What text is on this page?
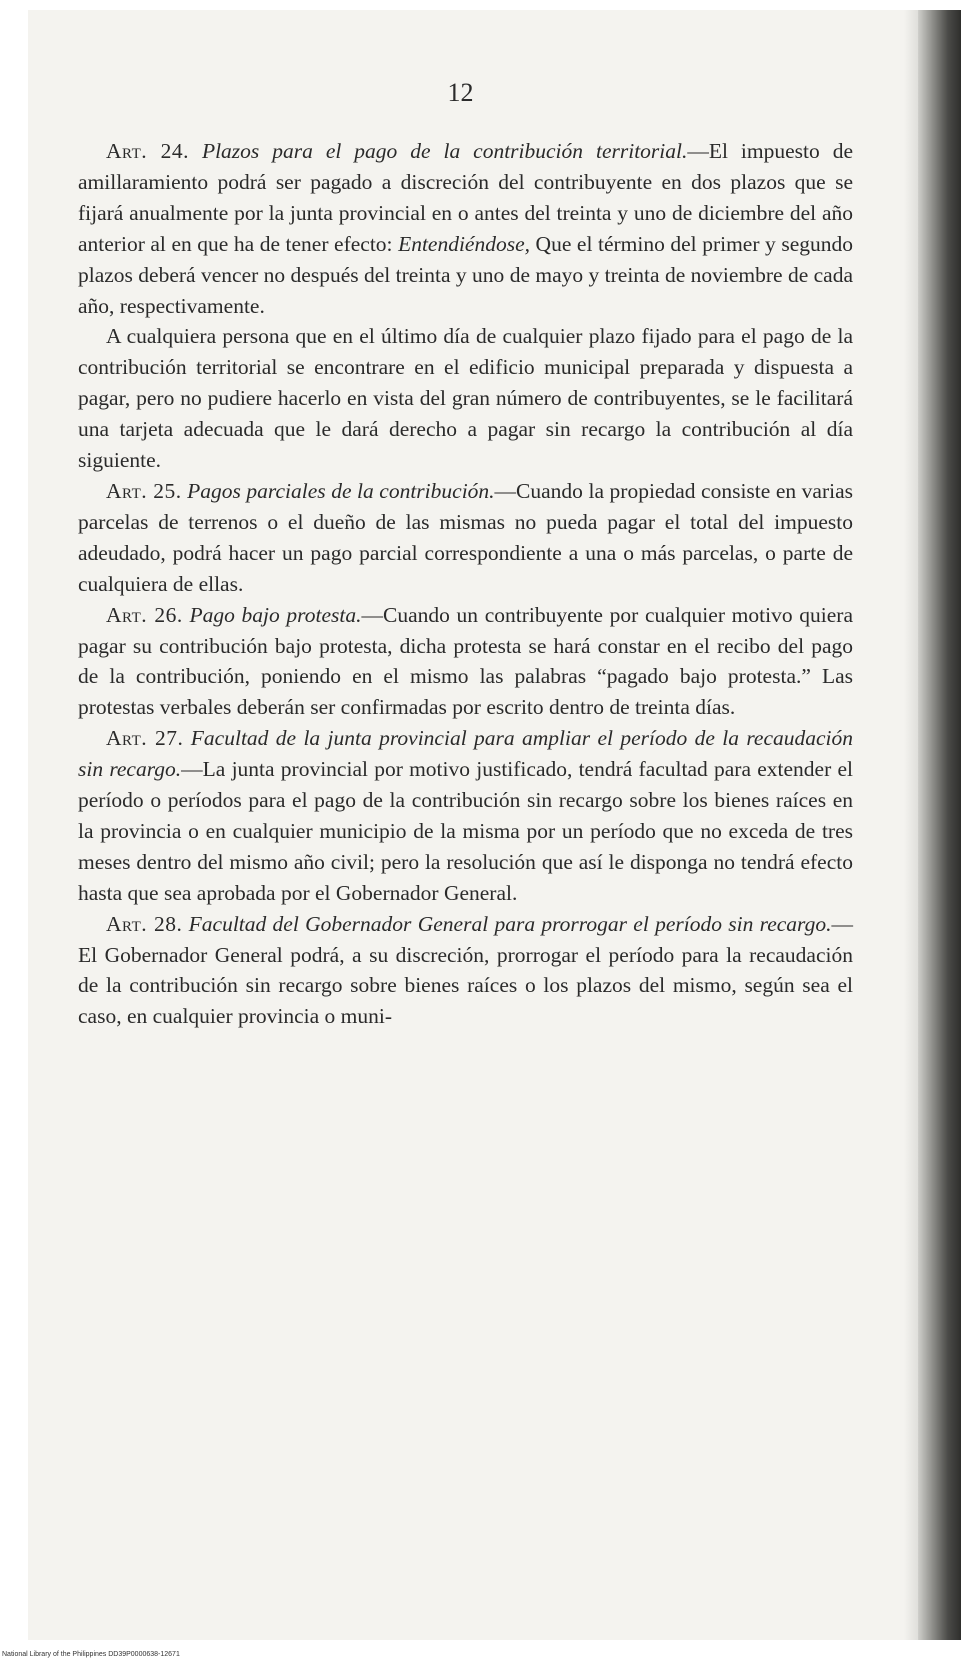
12

Art. 24. Plazos para el pago de la contribución territorial.—El impuesto de amillaramiento podrá ser pagado a discreción del contribuyente en dos plazos que se fijará anualmente por la junta provincial en o antes del treinta y uno de diciembre del año anterior al en que ha de tener efecto: Entendiéndose, Que el término del primer y segundo plazos deberá vencer no después del treinta y uno de mayo y treinta de noviembre de cada año, respectivamente.

A cualquiera persona que en el último día de cualquier plazo fijado para el pago de la contribución territorial se encontrare en el edificio municipal preparada y dispuesta a pagar, pero no pudiere hacerlo en vista del gran número de contribuyentes, se le facilitará una tarjeta adecuada que le dará derecho a pagar sin recargo la contribución al día siguiente.

Art. 25. Pagos parciales de la contribución.—Cuando la propiedad consiste en varias parcelas de terrenos o el dueño de las mismas no pueda pagar el total del impuesto adeudado, podrá hacer un pago parcial correspondiente a una o más parcelas, o parte de cualquiera de ellas.

Art. 26. Pago bajo protesta.—Cuando un contribuyente por cualquier motivo quiera pagar su contribución bajo protesta, dicha protesta se hará constar en el recibo del pago de la contribución, poniendo en el mismo las palabras “pagado bajo protesta.” Las protestas verbales deberán ser confirmadas por escrito dentro de treinta días.

Art. 27. Facultad de la junta provincial para ampliar el período de la recaudación sin recargo.—La junta provincial por motivo justificado, tendrá facultad para extender el período o períodos para el pago de la contribución sin recargo sobre los bienes raíces en la provincia o en cualquier municipio de la misma por un período que no exceda de tres meses dentro del mismo año civil; pero la resolución que así le disponga no tendrá efecto hasta que sea aprobada por el Gobernador General.

Art. 28. Facultad del Gobernador General para prorrogar el período sin recargo.—El Gobernador General podrá, a su discreción, prorrogar el período para la recaudación de la contribución sin recargo sobre bienes raíces o los plazos del mismo, según sea el caso, en cualquier provincia o muni-

National Library of the Philippines DD39P0000638-12671
